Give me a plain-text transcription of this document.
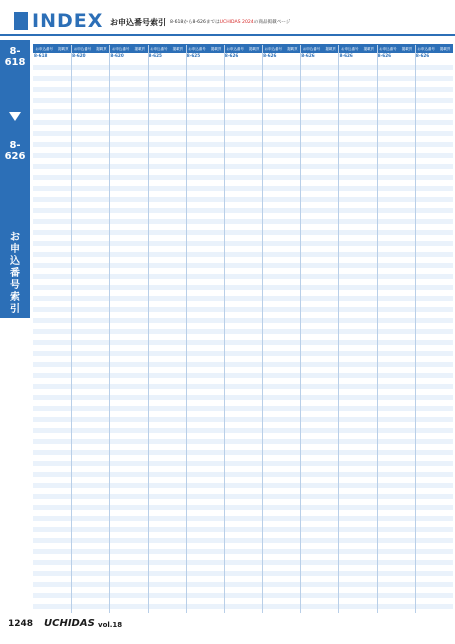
INDEX お申込番号索引 8-618から8-626まではUCHIDAS 2024の商品掲載ページ
8-618
8-626
お申込番号索引
お申込番号 掲載頁
8-618
お申込番号 掲載頁
8-620
お申込番号 掲載頁
8-620
お申込番号 掲載頁
8-625
お申込番号 掲載頁
8-625
お申込番号 掲載頁
8-626
お申込番号 掲載頁
8-626
お申込番号 掲載頁
8-626
お申込番号 掲載頁
8-626
お申込番号 掲載頁
8-626
お申込番号 掲載頁
8-626
1248 UCHIDAS vol.18
